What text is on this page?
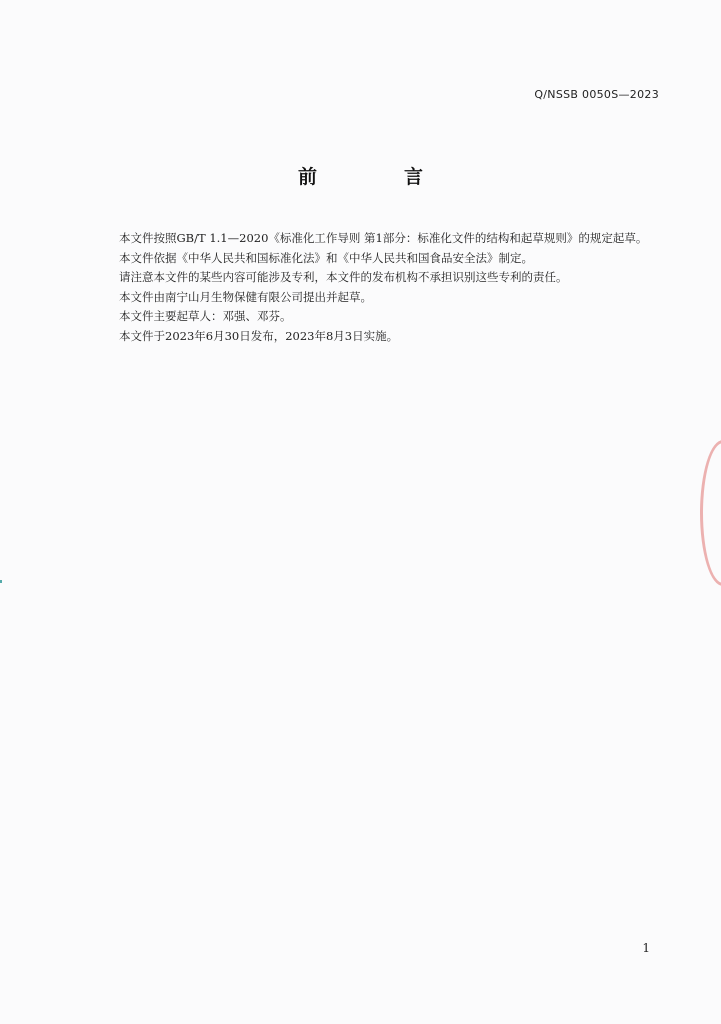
Q/NSSB 0050S—2023
前　言

本文件按照GB/T 1.1—2020《标准化工作导则 第1部分：标准化文件的结构和起草规则》的规定起草。

本文件依据《中华人民共和国标准化法》和《中华人民共和国食品安全法》制定。

请注意本文件的某些内容可能涉及专利，本文件的发布机构不承担识别这些专利的责任。

本文件由南宁山月生物保健有限公司提出并起草。

本文件主要起草人：邓强、邓芬。

本文件于2023年6月30日发布，2023年8月3日实施。

1
